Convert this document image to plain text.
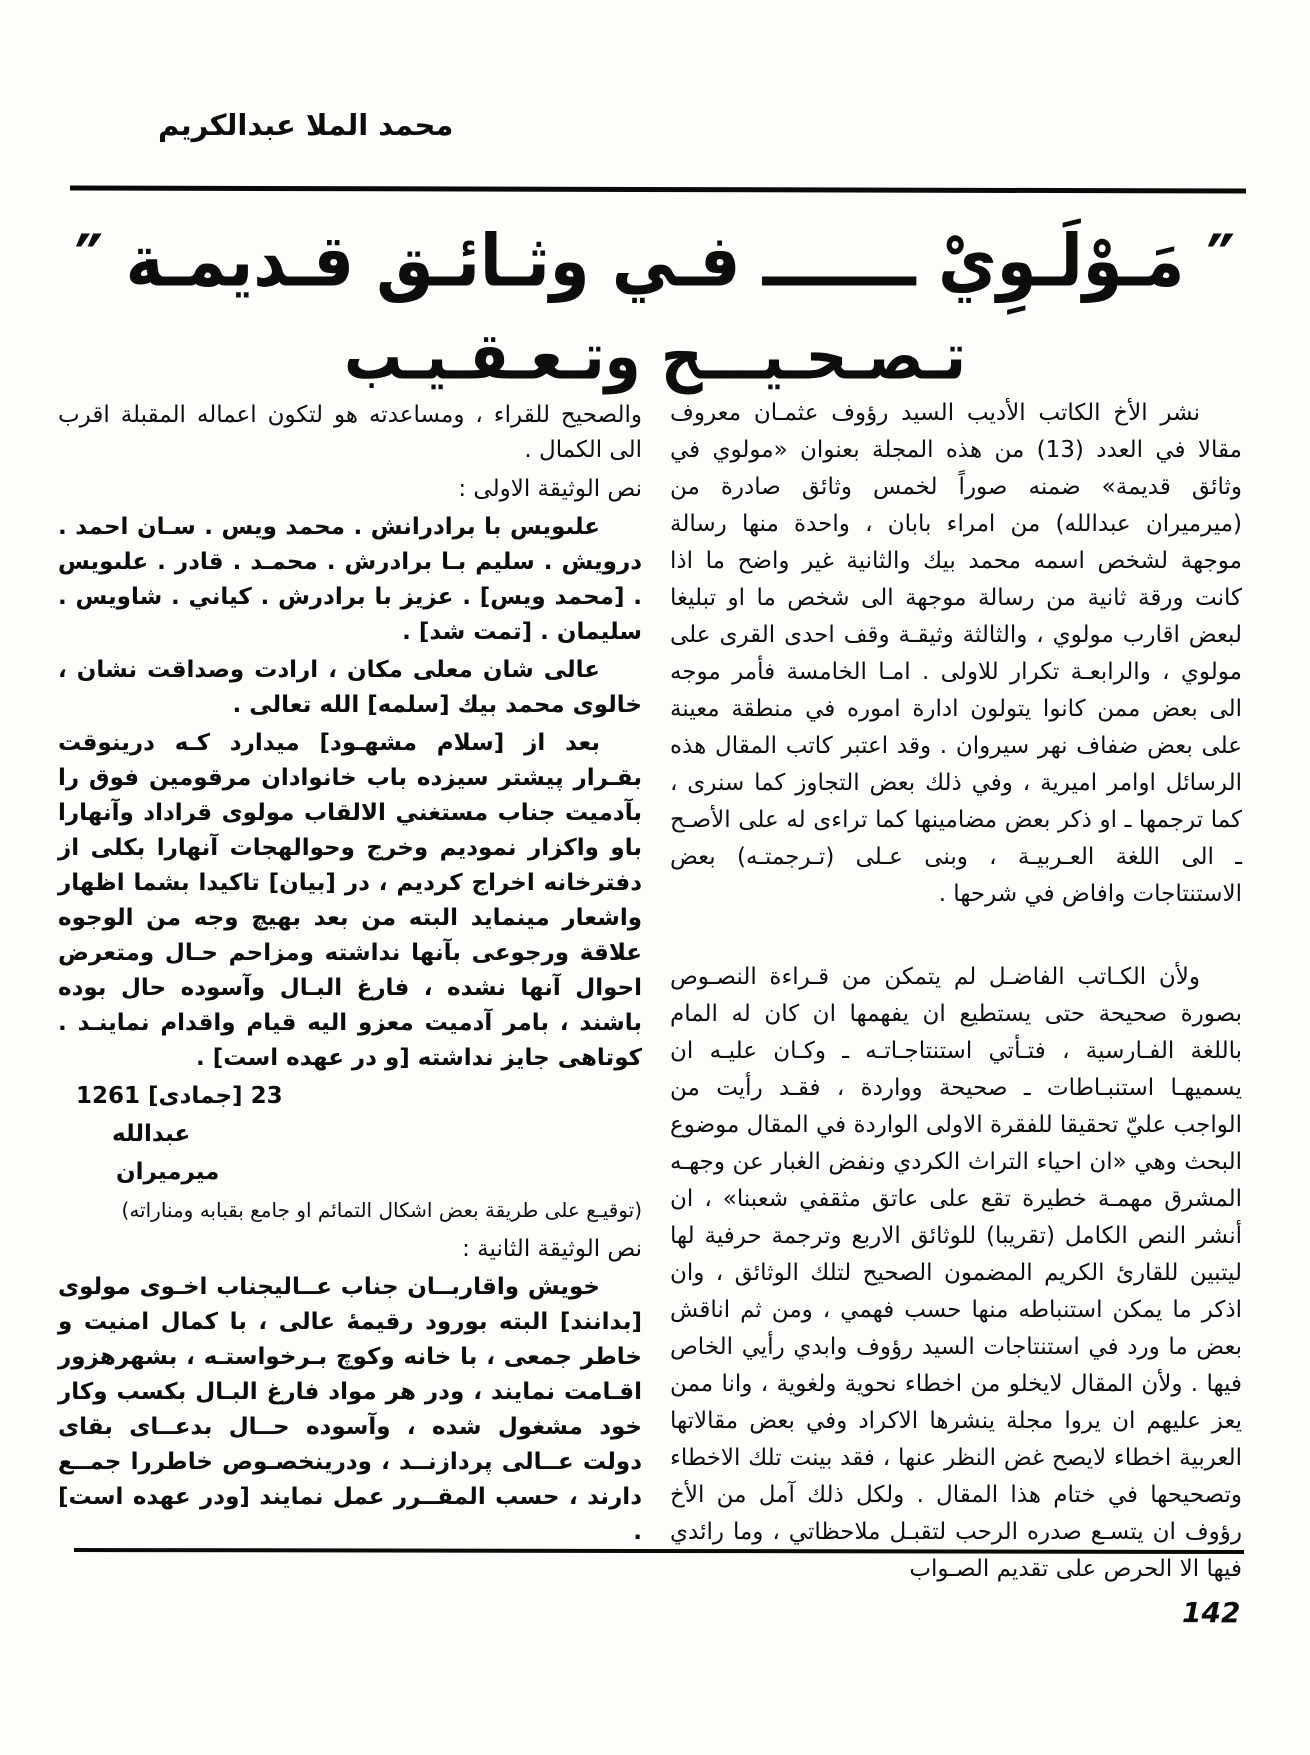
محمد الملا عبدالكريم
″ مَـوْلَـوِيْ ـــــــ فـي وثـائـق قـديمـة ″
تـصـحـيـــح وتـعـقـيـب

نشر الأخ الكاتب الأديب السيد رؤوف عثمـان معروف مقالا في العدد (13) من هذه المجلة بعنوان «مولوي في وثائق قديمة» ضمنه صوراً لخمس وثائق صادرة من (ميرميران عبدالله) من امراء بابان ، واحدة منها رسالة موجهة لشخص اسمه محمد بيك والثانية غير واضح ما اذا كانت ورقة ثانية من رسالة موجهة الى شخص ما او تبليغا لبعض اقارب مولوي ، والثالثة وثيقـة وقف احدى القرى على مولوي ، والرابعـة تكرار للاولى . امـا الخامسة فأمر موجه الى بعض ممن كانوا يتولون ادارة اموره في منطقة معينة على بعض ضفاف نهر سيروان . وقد اعتبر كاتب المقال هذه الرسائل اوامر اميرية ، وفي ذلك بعض التجاوز كما سنرى ، كما ترجمها ـ او ذكر بعض مضامينها كما تراءى له على الأصـح ـ الى اللغة العـربيـة ، وبنى عـلى (تـرجمتـه) بعض الاستنتاجات وافاض في شرحها .

ولأن الكـاتب الفاضـل لم يتمكن من قـراءة النصـوص بصورة صحيحة حتى يستطيع ان يفهمها ان كان له المام باللغة الفـارسية ، فتـأتي استنتاجـاتـه ـ وكـان عليـه ان يسميهـا استنبـاطات ـ صحيحة وواردة ، فقـد رأيت من الواجب عليّ تحقيقا للفقرة الاولى الواردة في المقال موضوع البحث وهي «ان احياء التراث الكردي ونفض الغبار عن وجهـه المشرق مهمـة خطيرة تقع على عاتق مثقفي شعبنا» ، ان أنشر النص الكامل (تقريبا) للوثائق الاربع وترجمة حرفية لها ليتبين للقارئ الكريم المضمون الصحيح لتلك الوثائق ، وان اذكر ما يمكن استنباطه منها حسب فهمي ، ومن ثم اناقش بعض ما ورد في استنتاجات السيد رؤوف وابدي رأيي الخاص فيها . ولأن المقال لايخلو من اخطاء نحوية ولغوية ، وانا ممن يعز عليهم ان يروا مجلة ينشرها الاكراد وفي بعض مقالاتها العربية اخطاء لايصح غض النظر عنها ، فقد بينت تلك الاخطاء وتصحيحها في ختام هذا المقال . ولكل ذلك آمل من الأخ رؤوف ان يتسـع صدره الرحب لتقبـل ملاحظاتي ، وما رائدي فيها الا الحرص على تقديم الصـواب

والصحيح للقراء ، ومساعدته هو لتكون اعماله المقبلة اقرب الى الكمال .

نص الوثيقة الاولى :

علىويس با برادرانش . محمد ويس . سـان احمد . درويش . سليم بـا برادرش . محمـد . قادر . علىويس . [محمد ويس] . عزيز با برادرش . كياني . شاويس . سليمان . [تمت شد] .

عالى شان معلى مكان ، ارادت وصداقت نشان ، خالوى محمد بيك [سلمه] الله تعالى .

بعد از [سلام مشهـود] ميدارد كـه درينوقت بقـرار پيشتر سيزده باب خانوادان مرقومين فوق را بآدميت جناب مستغني الالقاب مولوى قراداد وآنهارا باو واكزار نموديم وخرج وحوالهجات آنهارا بكلى از دفترخانه اخراج كرديم ، در [بيان] تاكيدا بشما اظهار واشعار مينمايد البته من بعد بهيچ وجه من الوجوه علاقة ورجوعى بآنها نداشته ومزاحم حـال ومتعرض احوال آنها نشده ، فارغ البـال وآسوده حال بوده باشند ، بامر آدميت معزو اليه قيام واقدام نماينـد . كوتاهى جايز نداشته [و در عهده است] .

23 [جمادى] 1261

عبدالله

ميرميران

(توقيـع على طريقة بعض اشكال التمائم او جامع بقبابه ومناراته)

نص الوثيقة الثانية :

خويش واقاربــان جناب عــاليجناب اخـوى مولوى [بدانند] البته بورود رقيمهٔ عالى ، با كمال امنيت و خاطر جمعى ، با خانه وكوچ بـرخواستـه ، بشهرهزور اقـامت نمايند ، ودر هر مواد فارغ البـال بكسب وكار خود مشغول شده ، وآسوده حــال بدعــاى بقاى دولت عــالى پردازنــد ، ودرينخصـوص خاطررا جمــع دارند ، حسب المقــرر عمل نمايند [ودر عهده است] .

142
